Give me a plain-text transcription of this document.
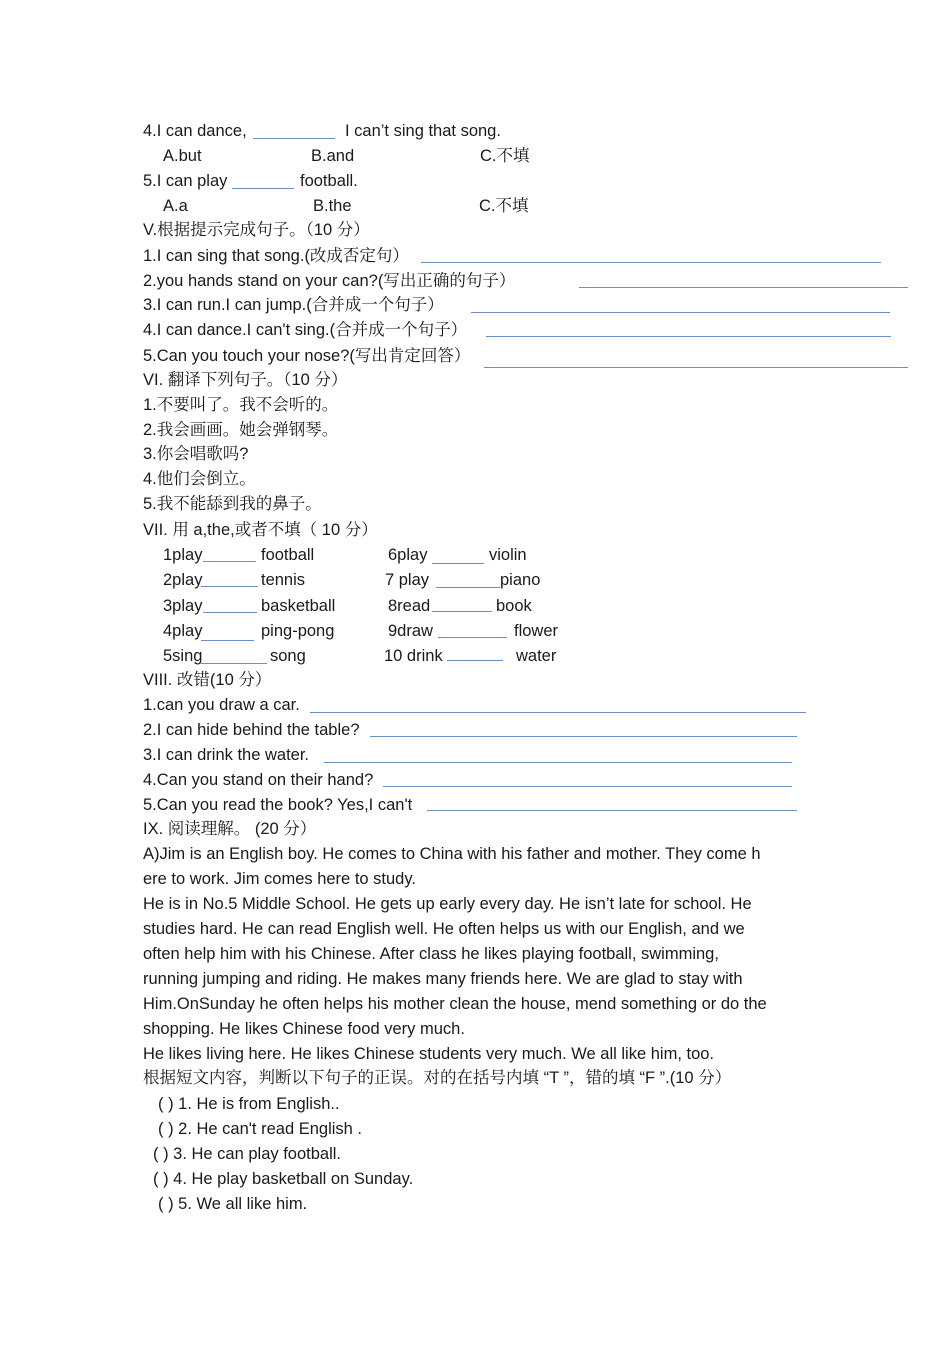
4.I can dance,	I can’t sing that song.
A.but	B.and	C.不填
5.I can play	football.
A.a	B.the	C.不填
V.根据提示完成句子。（10 分）
1.I can sing that song.(改成否定句）
2.you hands stand on your can?(写出正确的句子）
3.I can run.I can jump.(合并成一个句子）
4.I can dance.I can't sing.(合并成一个句子）
5.Can you touch your nose?(写出肯定回答）
VI. 翻译下列句子。（10 分）
1.不要叫了。我不会听的。
2.我会画画。她会弹钢琴。
3.你会唱歌吗?
4.他们会倒立。
5.我不能舔到我的鼻子。
VII. 用 a,the,或者不填（ 10 分）
1play	football	6play	violin
2play	tennis	7 play	piano
3play	basketball	8read	book
4play	ping-pong	9draw	flower
5sing	song	10 drink	water
VIII. 改错(10 分）
1.can you draw a car.
2.I can hide behind the table?
3.I can drink the water.
4.Can you stand on their hand?
5.Can you read the book? Yes,I can't
IX. 阅读理解。 (20 分）
A)Jim is an English boy. He comes to China with his father and mother. They come h
ere to work. Jim comes here to study.
He is in No.5 Middle School. He gets up early every day. He isn’t late for school. He
studies hard. He can read English well. He often helps us with our English, and we
often help him with his Chinese. After class he likes playing football, swimming,
running jumping and riding. He makes many friends here. We are glad to stay with
Him.OnSunday he often helps his mother clean the house, mend something or do the
shopping. He likes Chinese food very much.
He likes living here. He likes Chinese students very much. We all like him, too.
根据短文内容，判断以下句子的正误。对的在括号内填 “T ”，错的填 “F ”.(10 分）
( ) 1. He is from English..
( ) 2. He can't read English .
( ) 3. He can play football.
( ) 4. He play basketball on Sunday.
( ) 5. We all like him.
